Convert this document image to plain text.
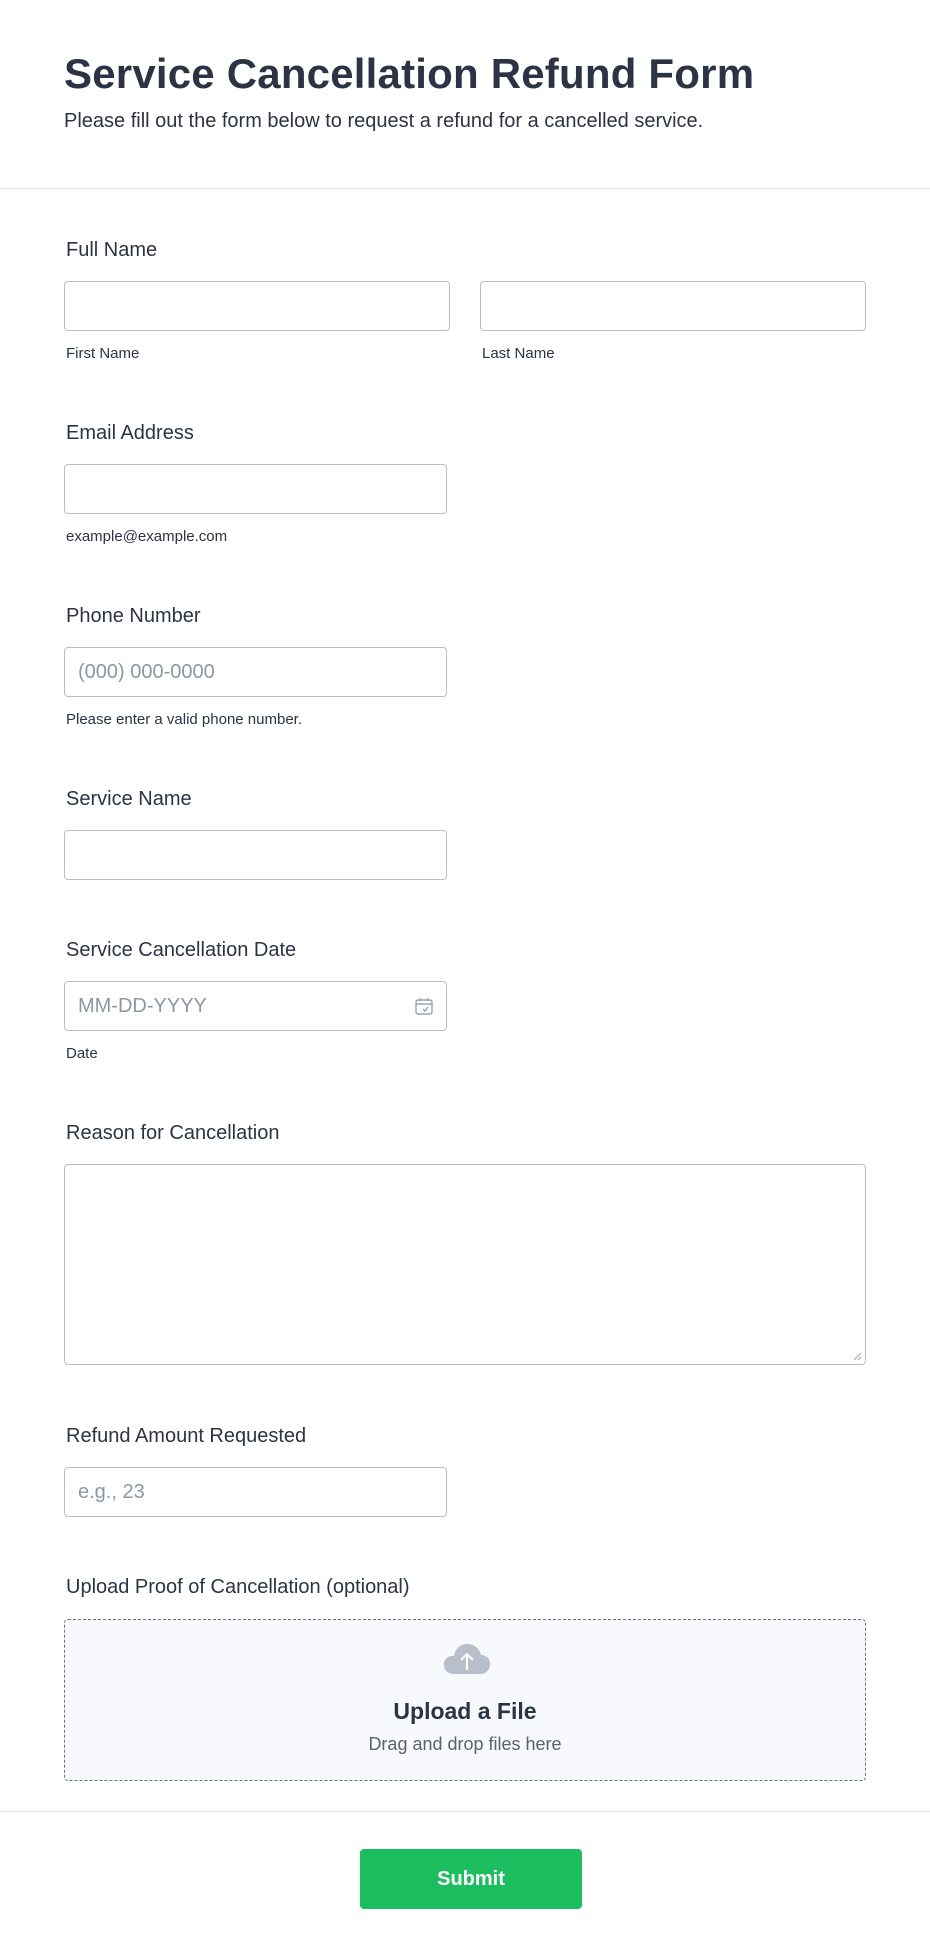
Service Cancellation Refund Form
Please fill out the form below to request a refund for a cancelled service.
Full Name
First Name	Last Name
Email Address
example@example.com
Phone Number
(000) 000-0000
Please enter a valid phone number.
Service Name
Service Cancellation Date
MM-DD-YYYY
Date
Reason for Cancellation
Refund Amount Requested
e.g., 23
Upload Proof of Cancellation (optional)
Upload a File
Drag and drop files here
Submit
